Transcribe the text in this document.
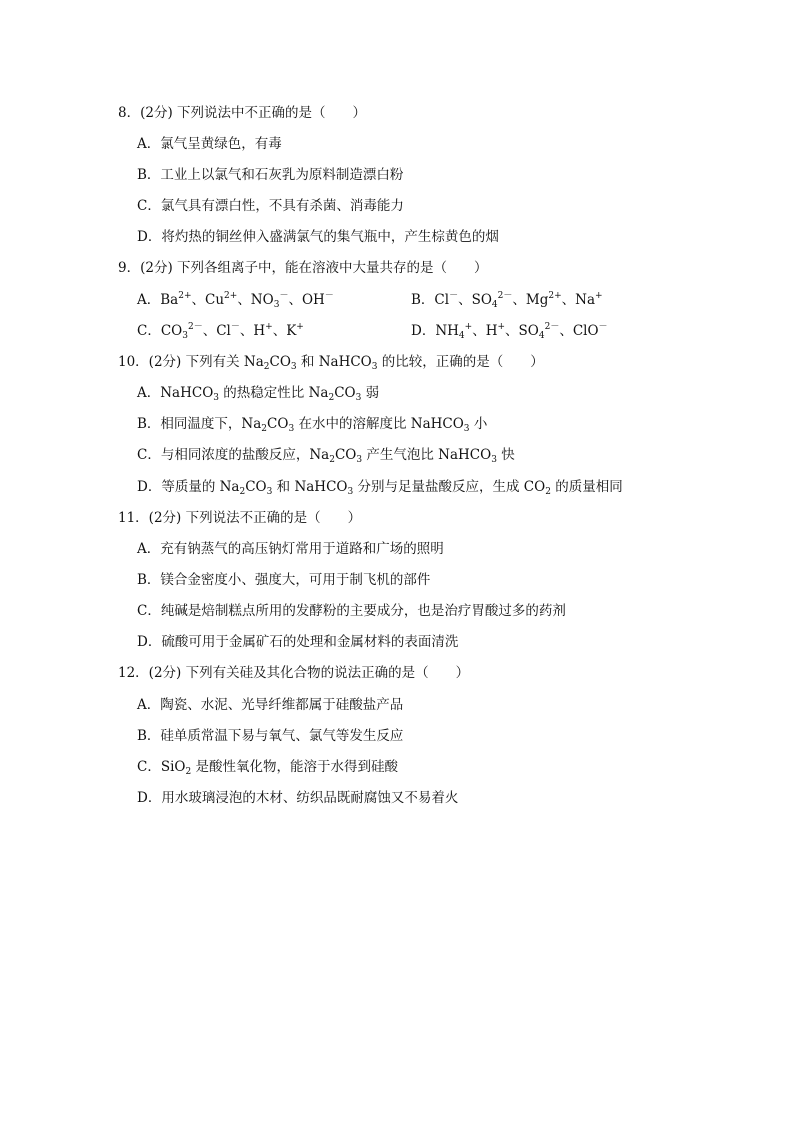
8．(2分) 下列说法中不正确的是（　　）
A．氯气呈黄绿色，有毒
B．工业上以氯气和石灰乳为原料制造漂白粉
C．氯气具有漂白性，不具有杀菌、消毒能力
D．将灼热的铜丝伸入盛满氯气的集气瓶中，产生棕黄色的烟
9．(2分) 下列各组离子中，能在溶液中大量共存的是（　　）
A．$Ba^{2+}$、$Cu^{2+}$、$NO_3^-$、OH－	B．Cl－、$SO_4^{2-}$、$Mg^{2+}$、Na+
C．$CO_3^{2-}$、Cl－、H+、K+	D．$NH_4^+$、H+、$SO_4^{2-}$、ClO－
10．(2分) 下列有关 $Na_2CO_3$ 和 NaHCO$_3$ 的比较，正确的是（　　）
A．NaHCO$_3$ 的热稳定性比 $Na_2CO_3$ 弱
B．相同温度下，$Na_2CO_3$ 在水中的溶解度比 NaHCO$_3$ 小
C．与相同浓度的盐酸反应，$Na_2CO_3$ 产生气泡比 NaHCO$_3$ 快
D．等质量的 $Na_2CO_3$ 和 NaHCO$_3$ 分别与足量盐酸反应，生成 $CO_2$ 的质量相同
11．(2分) 下列说法不正确的是（　　）
A．充有钠蒸气的高压钠灯常用于道路和广场的照明
B．镁合金密度小、强度大，可用于制飞机的部件
C．纯碱是焙制糕点所用的发酵粉的主要成分，也是治疗胃酸过多的药剂
D．硫酸可用于金属矿石的处理和金属材料的表面清洗
12．(2分) 下列有关硅及其化合物的说法正确的是（　　）
A．陶瓷、水泥、光导纤维都属于硅酸盐产品
B．硅单质常温下易与氧气、氯气等发生反应
C．SiO$_2$ 是酸性氧化物，能溶于水得到硅酸
D．用水玻璃浸泡的木材、纺织品既耐腐蚀又不易着火
